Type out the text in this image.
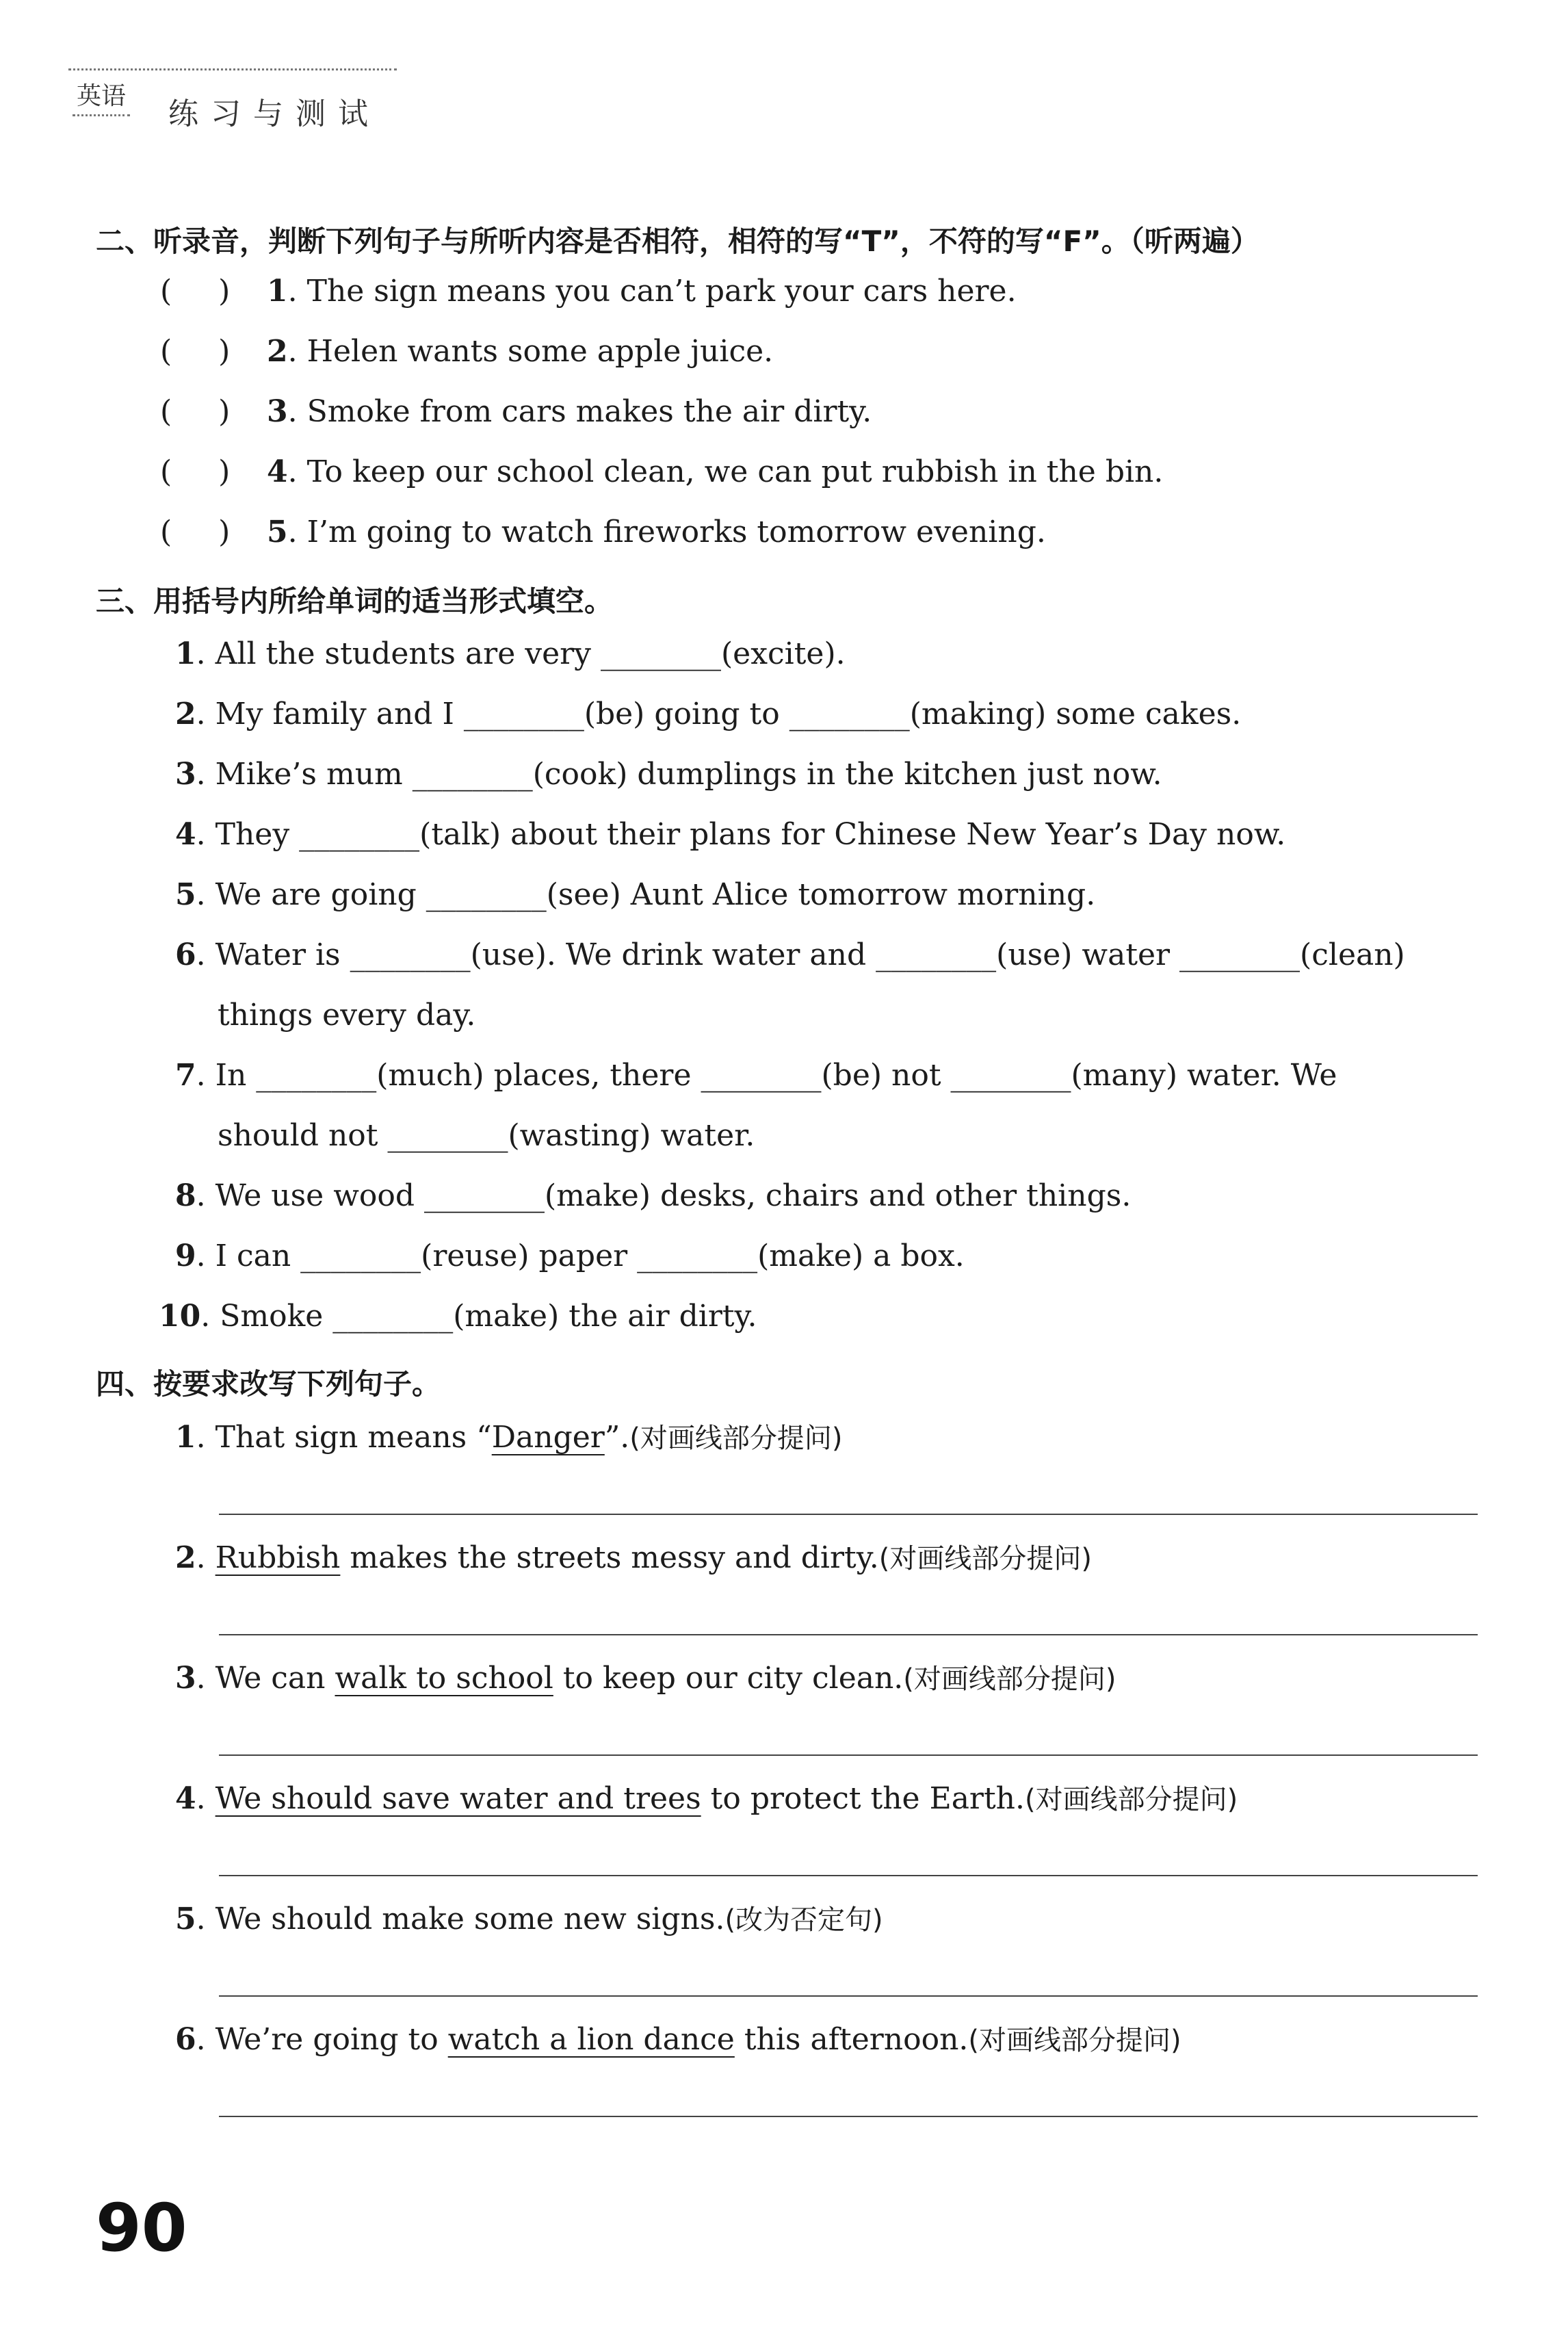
英语
练习与测试
二、听录音，判断下列句子与所听内容是否相符，相符的写“T”，不符的写“F”。（听两遍）
( ) 1. The sign means you can’t park your cars here.
( ) 2. Helen wants some apple juice.
( ) 3. Smoke from cars makes the air dirty.
( ) 4. To keep our school clean, we can put rubbish in the bin.
( ) 5. I’m going to watch fireworks tomorrow evening.
三、用括号内所给单词的适当形式填空。
1. All the students are very ________(excite).
2. My family and I ________(be) going to ________(making) some cakes.
3. Mike’s mum ________(cook) dumplings in the kitchen just now.
4. They ________(talk) about their plans for Chinese New Year’s Day now.
5. We are going ________(see) Aunt Alice tomorrow morning.
6. Water is ________(use). We drink water and ________(use) water ________(clean)
things every day.
7. In ________(much) places, there ________(be) not ________(many) water. We
should not ________(wasting) water.
8. We use wood ________(make) desks, chairs and other things.
9. I can ________(reuse) paper ________(make) a box.
10. Smoke ________(make) the air dirty.
四、按要求改写下列句子。
1. That sign means “Danger”.(对画线部分提问)
2. Rubbish makes the streets messy and dirty.(对画线部分提问)
3. We can walk to school to keep our city clean.(对画线部分提问)
4. We should save water and trees to protect the Earth.(对画线部分提问)
5. We should make some new signs.(改为否定句)
6. We’re going to watch a lion dance this afternoon.(对画线部分提问)
90
